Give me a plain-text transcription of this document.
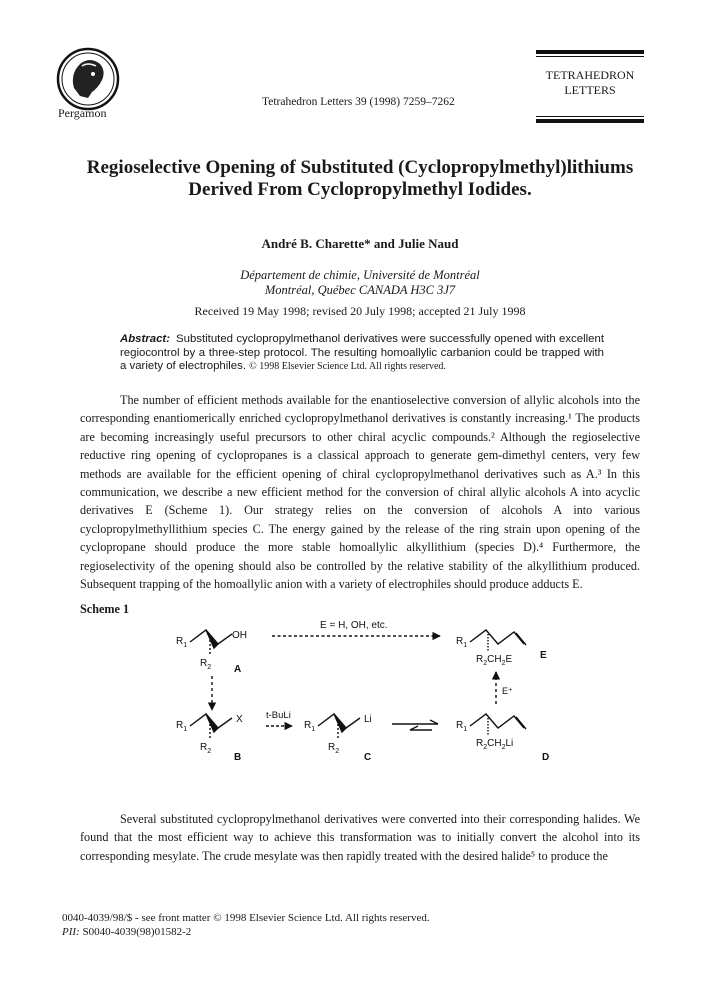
Pergamon
Tetrahedron Letters 39 (1998) 7259–7262
TETRAHEDRON
LETTERS
Regioselective Opening of Substituted (Cyclopropylmethyl)lithiums
Derived From Cyclopropylmethyl Iodides.
André B. Charette* and Julie Naud
Département de chimie, Université de Montréal
Montréal, Québec CANADA H3C 3J7
Received 19 May 1998; revised 20 July 1998; accepted 21 July 1998
Abstract: Substituted cyclopropylmethanol derivatives were successfully opened with excellent regiocontrol by a three-step protocol. The resulting homoallylic carbanion could be trapped with a variety of electrophiles. © 1998 Elsevier Science Ltd. All rights reserved.
The number of efficient methods available for the enantioselective conversion of allylic alcohols into the corresponding enantiomerically enriched cyclopropylmethanol derivatives is constantly increasing.¹ The products are becoming increasingly useful precursors to other chiral acyclic compounds.² Although the regioselective reductive ring opening of cyclopropanes is a classical approach to generate gem-dimethyl centers, very few methods are available for the efficient opening of chiral cyclopropylmethanol derivatives such as A.³ In this communication, we describe a new efficient method for the conversion of chiral allylic alcohols A into acyclic derivatives E (Scheme 1). Our strategy relies on the conversion of alcohols A into various cyclopropylmethyllithium species C. The energy gained by the release of the ring strain upon opening of the cyclopropane should produce the more stable homoallylic alkyllithium (species D).⁴ Furthermore, the regioselectivity of the opening should also be controlled by the relative stability of the alkyllithium produced. Subsequent trapping of the homoallylic anion with a variety of electrophiles should produce adducts E.
Scheme 1
$R_1$
OH
$R_2$ A
E = H, OH, etc.
$R_1$
$R_2CH_2E$	E
E⁺
$R_1$
X
$R_2$
B
t-BuLi
$R_1$
Li
$R_2$
C
$R_1$
$R_2CH_2Li$
D
Several substituted cyclopropylmethanol derivatives were converted into their corresponding halides. We found that the most efficient way to achieve this transformation was to initially convert the alcohol into its corresponding mesylate. The crude mesylate was then rapidly treated with the desired halide⁵ to produce the
0040-4039/98/$ - see front matter © 1998 Elsevier Science Ltd. All rights reserved.
PII: S0040-4039(98)01582-2
